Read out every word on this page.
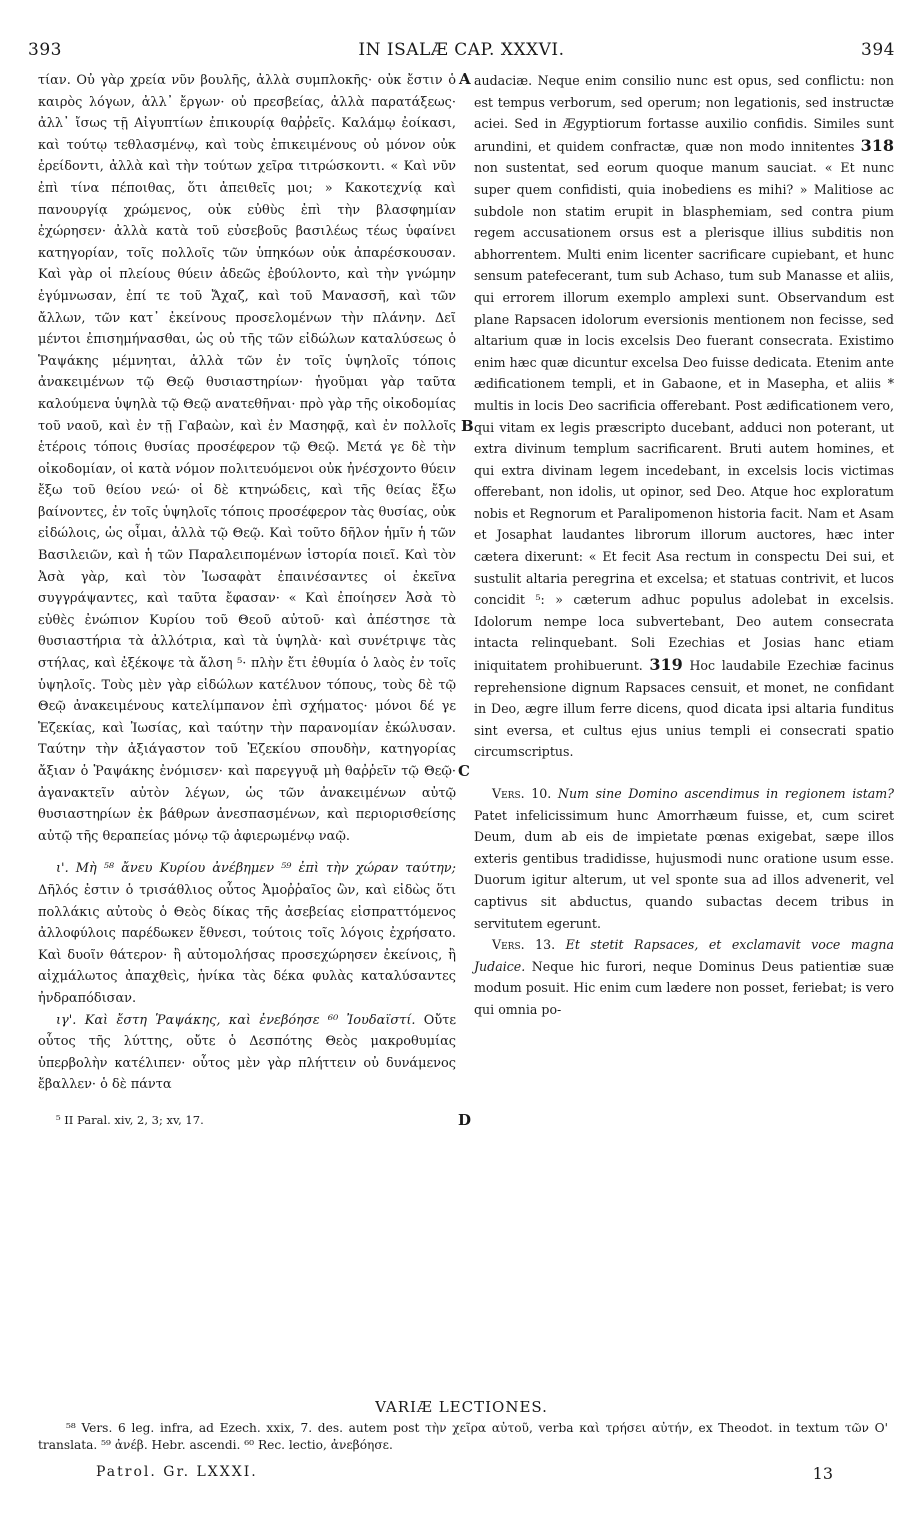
393	IN ISALÆ CAP. XXXVI.	394

τίαν. Οὐ γὰρ χρεία νῦν βουλῆς, ἀλλὰ συμπλοκῆς· οὐκ ἔστιν ὁ καιρὸς λόγων, ἀλλ᾽ ἔργων· οὐ πρεσβείας, ἀλλὰ παρατάξεως· ἀλλ᾽ ἴσως τῇ Αἰγυπτίων ἐπικουρίᾳ θαῤῥεῖς. Καλάμῳ ἐοίκασι, καὶ τούτῳ τεθλασμένῳ, καὶ τοὺς ἐπικειμένους οὐ μόνον οὐκ ἐρείδοντι, ἀλλὰ καὶ τὴν τούτων χεῖρα τιτρώσκοντι. « Καὶ νῦν ἐπὶ τίνα πέποιθας, ὅτι ἀπειθεῖς μοι; » Κακοτεχνίᾳ καὶ πανουργίᾳ χρώμενος, οὐκ εὐθὺς ἐπὶ τὴν βλασφημίαν ἐχώρησεν· ἀλλὰ κατὰ τοῦ εὐσεβοῦς βασιλέως τέως ὑφαίνει κατηγορίαν, τοῖς πολλοῖς τῶν ὑπηκόων οὐκ ἀπαρέσκουσαν. Καὶ γὰρ οἱ πλείους θύειν ἀδεῶς ἐβούλοντο, καὶ τὴν γνώμην ἐγύμνωσαν, ἐπί τε τοῦ Ἄχαζ, καὶ τοῦ Μανασσῆ, καὶ τῶν ἄλλων, τῶν κατ᾽ ἐκείνους προσελομένων τὴν πλάνην. Δεῖ μέντοι ἐπισημήνασθαι, ὡς οὐ τῆς τῶν εἰδώλων καταλύσεως ὁ Ῥαψάκης μέμνηται, ἀλλὰ τῶν ἐν τοῖς ὑψηλοῖς τόποις ἀνακειμένων τῷ Θεῷ θυσιαστηρίων· ἡγοῦμαι γὰρ ταῦτα καλούμενα ὑψηλὰ τῷ Θεῷ ανατεθῆναι· πρὸ γὰρ τῆς οἰκοδομίας τοῦ ναοῦ, καὶ ἐν τῇ Γαβαὼν, καὶ ἐν Μασηφᾷ, καὶ ἐν πολλοῖς ἑτέροις τόποις θυσίας προσέφερον τῷ Θεῷ. Μετά γε δὲ τὴν οἰκοδομίαν, οἱ κατὰ νόμον πολιτευόμενοι οὐκ ἠνέσχοντο θύειν ἔξω τοῦ θείου νεώ· οἱ δὲ κτηνώδεις, καὶ τῆς θείας ἔξω βαίνοντες, ἐν τοῖς ὑψηλοῖς τόποις προσέφερον τὰς θυσίας, οὐκ εἰδώλοις, ὡς οἶμαι, ἀλλὰ τῷ Θεῷ. Καὶ τοῦτο δῆλον ἡμῖν ἡ τῶν Βασιλειῶν, καὶ ἡ τῶν Παραλειπομένων ἱστορία ποιεῖ. Καὶ τὸν Ἀσὰ γὰρ, καὶ τὸν Ἰωσαφὰτ ἐπαινέσαντες οἱ ἐκεῖνα συγγράψαντες, καὶ ταῦτα ἔφασαν· « Καὶ ἐποίησεν Ἀσὰ τὸ εὐθὲς ἐνώπιον Κυρίου τοῦ Θεοῦ αὐτοῦ· καὶ ἀπέστησε τὰ θυσιαστήρια τὰ ἀλλότρια, καὶ τὰ ὑψηλὰ· καὶ συνέτριψε τὰς στήλας, καὶ ἐξέκοψε τὰ ἄλση ⁵· πλὴν ἔτι ἐθυμία ὁ λαὸς ἐν τοῖς ὑψηλοῖς. Τοὺς μὲν γὰρ εἰδώλων κατέλυον τόπους, τοὺς δὲ τῷ Θεῷ ἀνακειμένους κατελίμπανον ἐπὶ σχήματος· μόνοι δέ γε Ἑζεκίας, καὶ Ἰωσίας, καὶ ταύτην τὴν παρανομίαν ἐκώλυσαν. Ταύτην τὴν ἀξιάγαστον τοῦ Ἑζεκίου σπουδὴν, κατηγορίας ἄξιαν ὁ Ῥαψάκης ἐνόμισεν· καὶ παρεγγυᾷ μὴ θαῤῥεῖν τῷ Θεῷ· ἀγανακτεῖν αὐτὸν λέγων, ὡς τῶν ἀνακειμένων αὐτῷ θυσιαστηρίων ἐκ βάθρων ἀνεσπασμένων, καὶ περιορισθείσης αὐτῷ τῆς θεραπείας μόνῳ τῷ ἀφιερωμένῳ ναῷ.

ι'. Μὴ ⁵⁸ ἄνευ Κυρίου ἀνέβημεν ⁵⁹ ἐπὶ τὴν χώραν ταύτην; Δῆλός ἐστιν ὁ τρισάθλιος οὗτος Ἀμοῤῥαῖος ὢν, καὶ εἰδὼς ὅτι πολλάκις αὐτοὺς ὁ Θεὸς δίκας τῆς ἀσεβείας εἰσπραττόμενος ἀλλοφύλοις παρέδωκεν ἔθνεσι, τούτοις τοῖς λόγοις ἐχρήσατο. Καὶ δυοῖν θάτερον· ἢ αὐτομολήσας προσεχώρησεν ἐκείνοις, ἢ αἰχμάλωτος ἀπαχθεὶς, ἡνίκα τὰς δέκα φυλὰς καταλύσαντες ἠνδραπόδισαν.

ιγ'. Καὶ ἔστη Ῥαψάκης, καὶ ἐνεβόησε ⁶⁰ Ἰουδαϊστί. Οὔτε οὗτος τῆς λύττης, οὔτε ὁ Δεσπότης Θεὸς μακροθυμίας ὑπερβολὴν κατέλιπεν· οὗτος μὲν γὰρ πλήττειν οὐ δυνάμενος ἔβαλλεν· ὁ δὲ πάντα

⁵ II Paral. xiv, 2, 3; xv, 17.

A
B
C
D

audaciæ. Neque enim consilio nunc est opus, sed conflictu: non est tempus verborum, sed operum; non legationis, sed instructæ aciei. Sed in Ægyptiorum fortasse auxilio confidis. Similes sunt arundini, et quidem confractæ, quæ non modo innitentes 318 non sustentat, sed eorum quoque manum sauciat. « Et nunc super quem confidisti, quia inobediens es mihi? » Malitiose ac subdole non statim erupit in blasphemiam, sed contra pium regem accusationem orsus est a plerisque illius subditis non abhorrentem. Multi enim licenter sacrificare cupiebant, et hunc sensum patefecerant, tum sub Achaso, tum sub Manasse et aliis, qui errorem illorum exemplo amplexi sunt. Observandum est plane Rapsacen idolorum eversionis mentionem non fecisse, sed altarium quæ in locis excelsis Deo fuerant consecrata. Existimo enim hæc quæ dicuntur excelsa Deo fuisse dedicata. Etenim ante ædificationem templi, et in Gabaone, et in Masepha, et aliis * multis in locis Deo sacrificia offerebant. Post ædificationem vero, qui vitam ex legis præscripto ducebant, adduci non poterant, ut extra divinum templum sacrificarent. Bruti autem homines, et qui extra divinam legem incedebant, in excelsis locis victimas offerebant, non idolis, ut opinor, sed Deo. Atque hoc exploratum nobis et Regnorum et Paralipomenon historia facit. Nam et Asam et Josaphat laudantes librorum illorum auctores, hæc inter cætera dixerunt: « Et fecit Asa rectum in conspectu Dei sui, et sustulit altaria peregrina et excelsa; et statuas contrivit, et lucos concidit ⁵: » cæterum adhuc populus adolebat in excelsis. Idolorum nempe loca subvertebant, Deo autem consecrata intacta relinquebant. Soli Ezechias et Josias hanc etiam iniquitatem prohibuerunt. 319 Hoc laudabile Ezechiæ facinus reprehensione dignum Rapsaces censuit, et monet, ne confidant in Deo, ægre illum ferre dicens, quod dicata ipsi altaria funditus sint eversa, et cultus ejus unius templi ei consecrati spatio circumscriptus.

Vers. 10. Num sine Domino ascendimus in regionem istam? Patet infelicissimum hunc Amorrhæum fuisse, et, cum sciret Deum, dum ab eis de impietate pœnas exigebat, sæpe illos exteris gentibus tradidisse, hujusmodi nunc oratione usum esse. Duorum igitur alterum, ut vel sponte sua ad illos advenerit, vel captivus sit abductus, quando subactas decem tribus in servitutem egerunt.

Vers. 13. Et stetit Rapsaces, et exclamavit voce magna Judaice. Neque hic furori, neque Dominus Deus patientiæ suæ modum posuit. Hic enim cum lædere non posset, feriebat; is vero qui omnia po-

VARIÆ LECTIONES.

⁵⁸ Vers. 6 leg. infra, ad Ezech. xxix, 7. des. autem post τὴν χεῖρα αὐτοῦ, verba καὶ τρήσει αὐτήν, ex Theodot. in textum τῶν Ο' translata. ⁵⁹ ἀνέβ. Hebr. ascendi. ⁶⁰ Rec. lectio, ἀνεβόησε.

Patrol. Gr. LXXXI.	13
